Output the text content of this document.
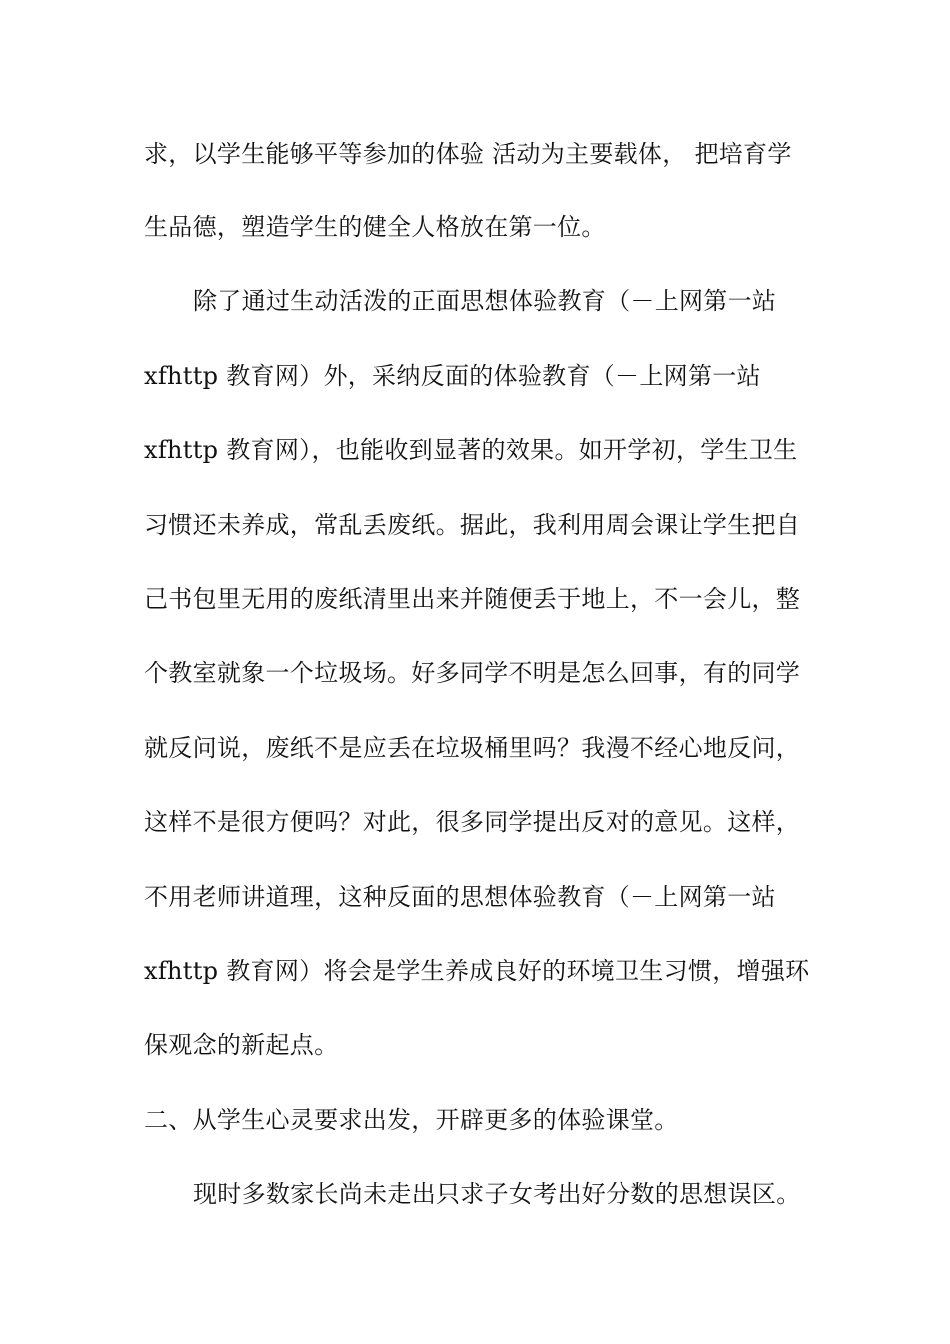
求，以学生能够平等参加的体验 活动为主要载体， 把培育学
生品德，塑造学生的健全人格放在第一位。
除了通过生动活泼的正面思想体验教育（－上网第一站
xfhttp 教育网）外，采纳反面的体验教育（－上网第一站
xfhttp 教育网），也能收到显著的效果。如开学初，学生卫生
习惯还未养成，常乱丢废纸。据此，我利用周会课让学生把自
己书包里无用的废纸清里出来并随便丢于地上，不一会儿，整
个教室就象一个垃圾场。好多同学不明是怎么回事，有的同学
就反问说，废纸不是应丢在垃圾桶里吗？我漫不经心地反问，
这样不是很方便吗？对此，很多同学提出反对的意见。这样，
不用老师讲道理，这种反面的思想体验教育（－上网第一站
xfhttp 教育网）将会是学生养成良好的环境卫生习惯，增强环
保观念的新起点。
二、从学生心灵要求出发，开辟更多的体验课堂。
现时多数家长尚未走出只求子女考出好分数的思想误区。
